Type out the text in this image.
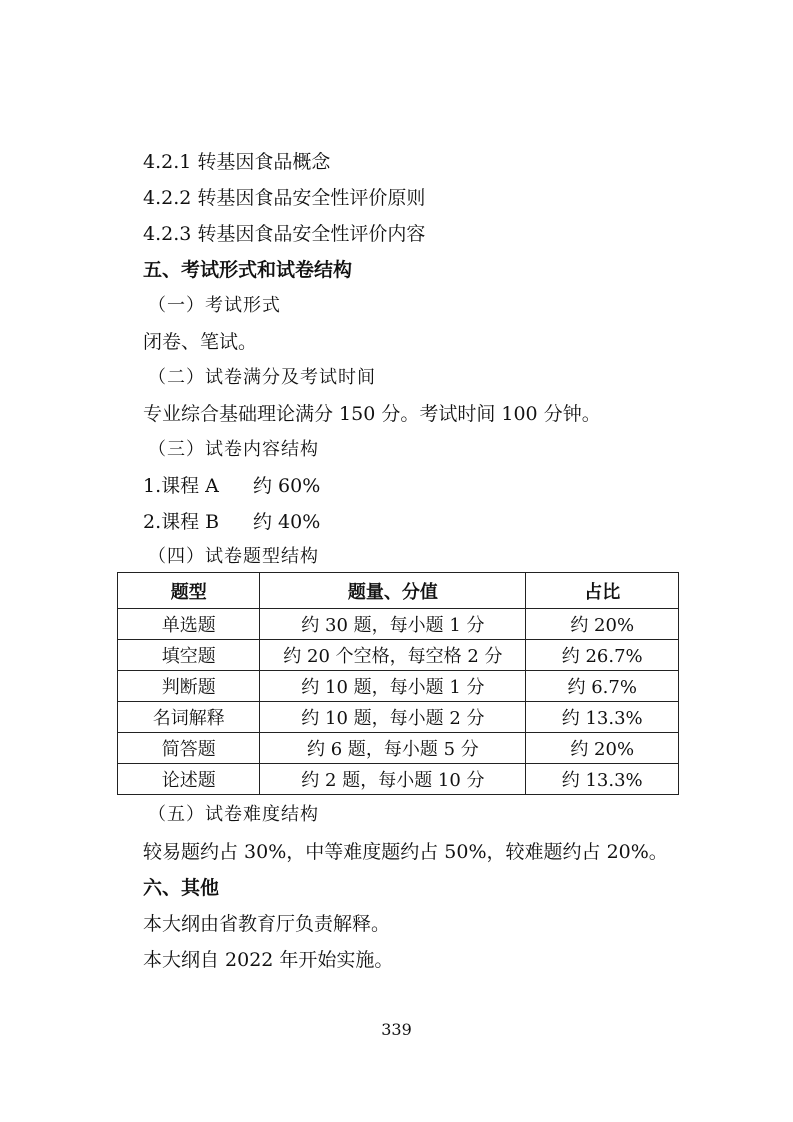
4.2.1 转基因食品概念
4.2.2 转基因食品安全性评价原则
4.2.3 转基因食品安全性评价内容
五、考试形式和试卷结构
（一）考试形式
闭卷、笔试。
（二）试卷满分及考试时间
专业综合基础理论满分 150 分。考试时间 100 分钟。
（三）试卷内容结构
1.课程 A 约 60%
2.课程 B 约 40%
（四）试卷题型结构
题型	题量、分值	占比
单选题	约 30 题，每小题 1 分	约 20%
填空题	约 20 个空格，每空格 2 分	约 26.7%
判断题	约 10 题，每小题 1 分	约 6.7%
名词解释	约 10 题，每小题 2 分	约 13.3%
简答题	约 6 题，每小题 5 分	约 20%
论述题	约 2 题，每小题 10 分	约 13.3%
（五）试卷难度结构
较易题约占 30%，中等难度题约占 50%，较难题约占 20%。
六、其他
本大纲由省教育厅负责解释。
本大纲自 2022 年开始实施。
339
